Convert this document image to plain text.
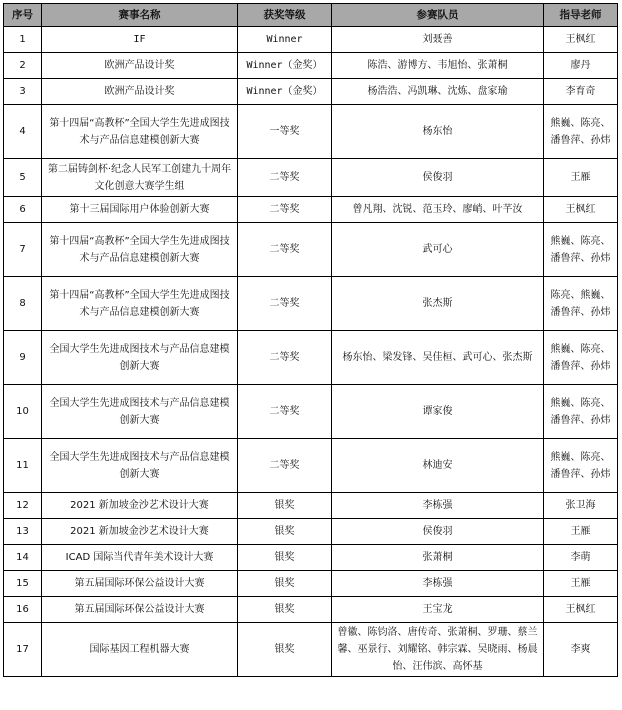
序号	赛事名称	获奖等级	参赛队员	指导老师
1	IF	Winner	刘聂善	王枫红
2	欧洲产品设计奖	Winner（金奖）	陈浩、游博方、韦旭怡、张萧桐	廖丹
3	欧洲产品设计奖	Winner（金奖）	杨浩浩、冯凯琳、沈炼、盘家瑜	李育奇
4	第十四届“高教杯”全国大学生先进成图技术与产品信息建模创新大赛	一等奖	杨东怡	熊巍、陈亮、潘鲁萍、孙炜
5	第二届铸剑杯·纪念人民军工创建九十周年文化创意大赛学生组	二等奖	侯俊羽	王雁
6	第十三届国际用户体验创新大赛	二等奖	曾凡翔、沈锐、范玉玲、廖峭、叶芊汝	王枫红
7	第十四届“高教杯”全国大学生先进成图技术与产品信息建模创新大赛	二等奖	武可心	熊巍、陈亮、潘鲁萍、孙炜
8	第十四届“高教杯”全国大学生先进成图技术与产品信息建模创新大赛	二等奖	张杰斯	陈亮、熊巍、潘鲁萍、孙炜
9	全国大学生先进成图技术与产品信息建模创新大赛	二等奖	杨东怡、梁发锋、吴佳桓、武可心、张杰斯	熊巍、陈亮、潘鲁萍、孙炜
10	全国大学生先进成图技术与产品信息建模创新大赛	二等奖	谭家俊	熊巍、陈亮、潘鲁萍、孙炜
11	全国大学生先进成图技术与产品信息建模创新大赛	二等奖	林迪安	熊巍、陈亮、潘鲁萍、孙炜
12	2021 新加坡金沙艺术设计大赛	银奖	李栋强	张卫海
13	2021 新加坡金沙艺术设计大赛	银奖	侯俊羽	王雁
14	ICAD 国际当代青年美术设计大赛	银奖	张萧桐	李萌
15	第五届国际环保公益设计大赛	银奖	李栋强	王雁
16	第五届国际环保公益设计大赛	银奖	王宝龙	王枫红
17	国际基因工程机器大赛	银奖	曾徽、陈钧洛、唐传奇、张萧桐、罗珊、蔡兰馨、巫景行、刘耀铭、韩宗霖、吴晓雨、杨晨怡、汪伟滨、高怀基	李爽
